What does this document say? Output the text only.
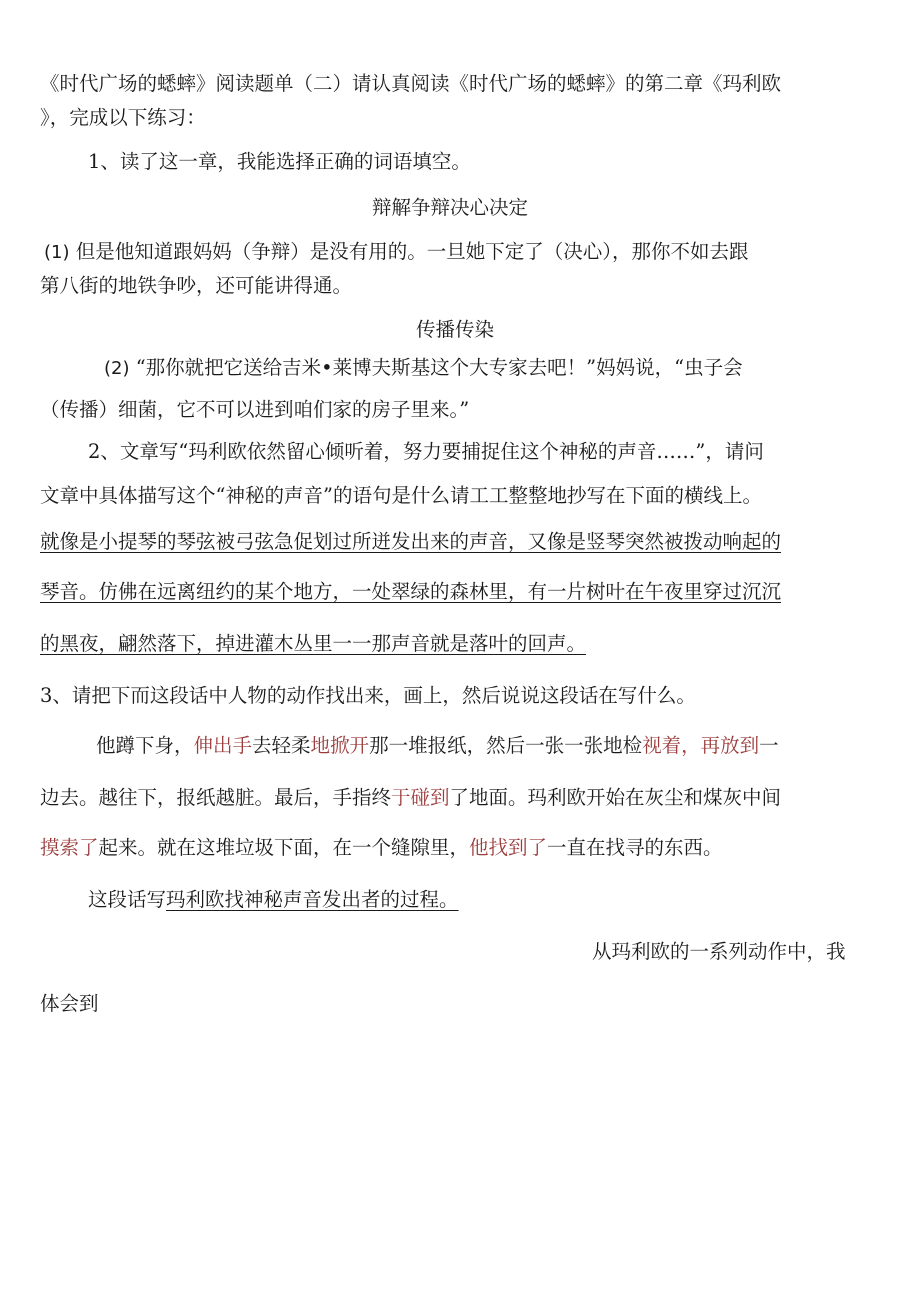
《时代广场的蟋蟀》阅读题单（二）请认真阅读《时代广场的蟋蟀》的第二章《玛利欧
》，完成以下练习：
1、读了这一章，我能选择正确的词语填空。
辩解争辩决心决定
(1) 但是他知道跟妈妈（争辩）是没有用的。一旦她下定了（决心），那你不如去跟
第八街的地铁争吵，还可能讲得通。
传播传染
(2) “那你就把它送给吉米•莱博夫斯基这个大专家去吧！”妈妈说，“虫子会
（传播）细菌，它不可以进到咱们家的房子里来。”
2、文章写“玛利欧依然留心倾听着，努力要捕捉住这个神秘的声音……”，请问
文章中具体描写这个“神秘的声音”的语句是什么请工工整整地抄写在下面的横线上。
就像是小提琴的琴弦被弓弦急促划过所迸发出来的声音，又像是竖琴突然被拨动响起的
琴音。仿佛在远离纽约的某个地方，一处翠绿的森林里，有一片树叶在午夜里穿过沉沉
的黑夜，翩然落下，掉进灌木丛里一一那声音就是落叶的回声。
3、请把下而这段话中人物的动作找出来，画上，然后说说这段话在写什么。
他蹲下身，伸出手去轻柔地掀开那一堆报纸，然后一张一张地检视着，再放到一
边去。越往下，报纸越脏。最后，手指终于碰到了地面。玛利欧开始在灰尘和煤灰中间
摸索了起来。就在这堆垃圾下面，在一个缝隙里，他找到了一直在找寻的东西。
这段话写玛利欧找神秘声音发出者的过程。
从玛利欧的一系列动作中，我
体会到
